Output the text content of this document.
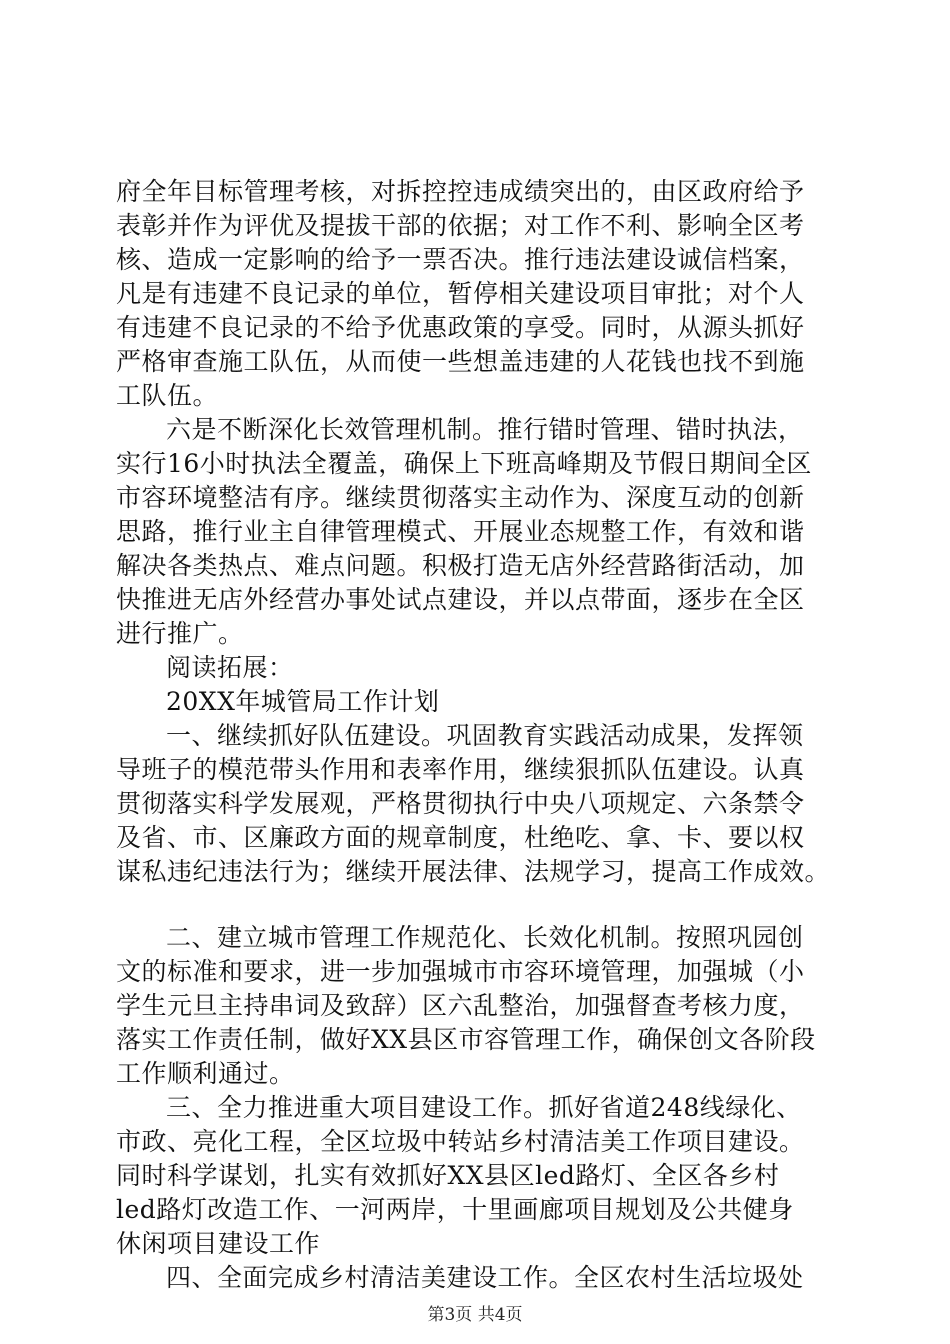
府全年目标管理考核，对拆控控违成绩突出的，由区政府给予
表彰并作为评优及提拔干部的依据；对工作不利、影响全区考
核、造成一定影响的给予一票否决。推行违法建设诚信档案，
凡是有违建不良记录的单位，暂停相关建设项目审批；对个人
有违建不良记录的不给予优惠政策的享受。同时，从源头抓好
严格审查施工队伍，从而使一些想盖违建的人花钱也找不到施
工队伍。
六是不断深化长效管理机制。推行错时管理、错时执法，
实行16小时执法全覆盖，确保上下班高峰期及节假日期间全区
市容环境整洁有序。继续贯彻落实主动作为、深度互动的创新
思路，推行业主自律管理模式、开展业态规整工作，有效和谐
解决各类热点、难点问题。积极打造无店外经营路街活动，加
快推进无店外经营办事处试点建设，并以点带面，逐步在全区
进行推广。
阅读拓展：
20XX年城管局工作计划
一、继续抓好队伍建设。巩固教育实践活动成果，发挥领
导班子的模范带头作用和表率作用，继续狠抓队伍建设。认真
贯彻落实科学发展观，严格贯彻执行中央八项规定、六条禁令
及省、市、区廉政方面的规章制度，杜绝吃、拿、卡、要以权
谋私违纪违法行为；继续开展法律、法规学习，提高工作成效。
二、建立城市管理工作规范化、长效化机制。按照巩园创
文的标准和要求，进一步加强城市市容环境管理，加强城（小
学生元旦主持串词及致辞）区六乱整治，加强督查考核力度，
落实工作责任制，做好XX县区市容管理工作，确保创文各阶段
工作顺利通过。
三、全力推进重大项目建设工作。抓好省道248线绿化、
市政、亮化工程，全区垃圾中转站乡村清洁美工作项目建设。
同时科学谋划，扎实有效抓好XX县区led路灯、全区各乡村
led路灯改造工作、一河两岸，十里画廊项目规划及公共健身
休闲项目建设工作
四、全面完成乡村清洁美建设工作。全区农村生活垃圾处
第3页 共4页
